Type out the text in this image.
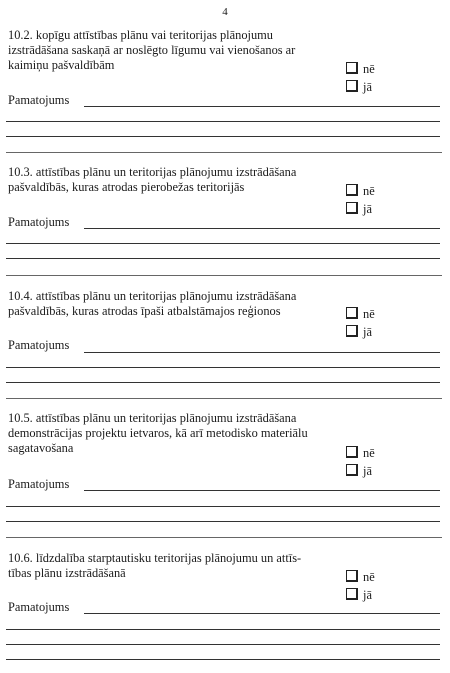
4
10.2. kopīgu attīstības plānu vai teritorijas plānojumu
izstrādāšana saskaņā ar noslēgto līgumu vai vienošanos ar
kaimiņu pašvaldībām	nē
jā
Pamatojums
10.3. attīstības plānu un teritorijas plānojumu izstrādāšana
pašvaldībās, kuras atrodas pierobežas teritorijās	nē
jā
Pamatojums
10.4. attīstības plānu un teritorijas plānojumu izstrādāšana
pašvaldībās, kuras atrodas īpaši atbalstāmajos reģionos	nē
jā
Pamatojums
10.5. attīstības plānu un teritorijas plānojumu izstrādāšana
demonstrācijas projektu ietvaros, kā arī metodisko materiālu
sagatavošana	nē
jā
Pamatojums
10.6. līdzdalība starptautisku teritorijas plānojumu un attīs-
tības plānu izstrādāšanā	nē
jā
Pamatojums
